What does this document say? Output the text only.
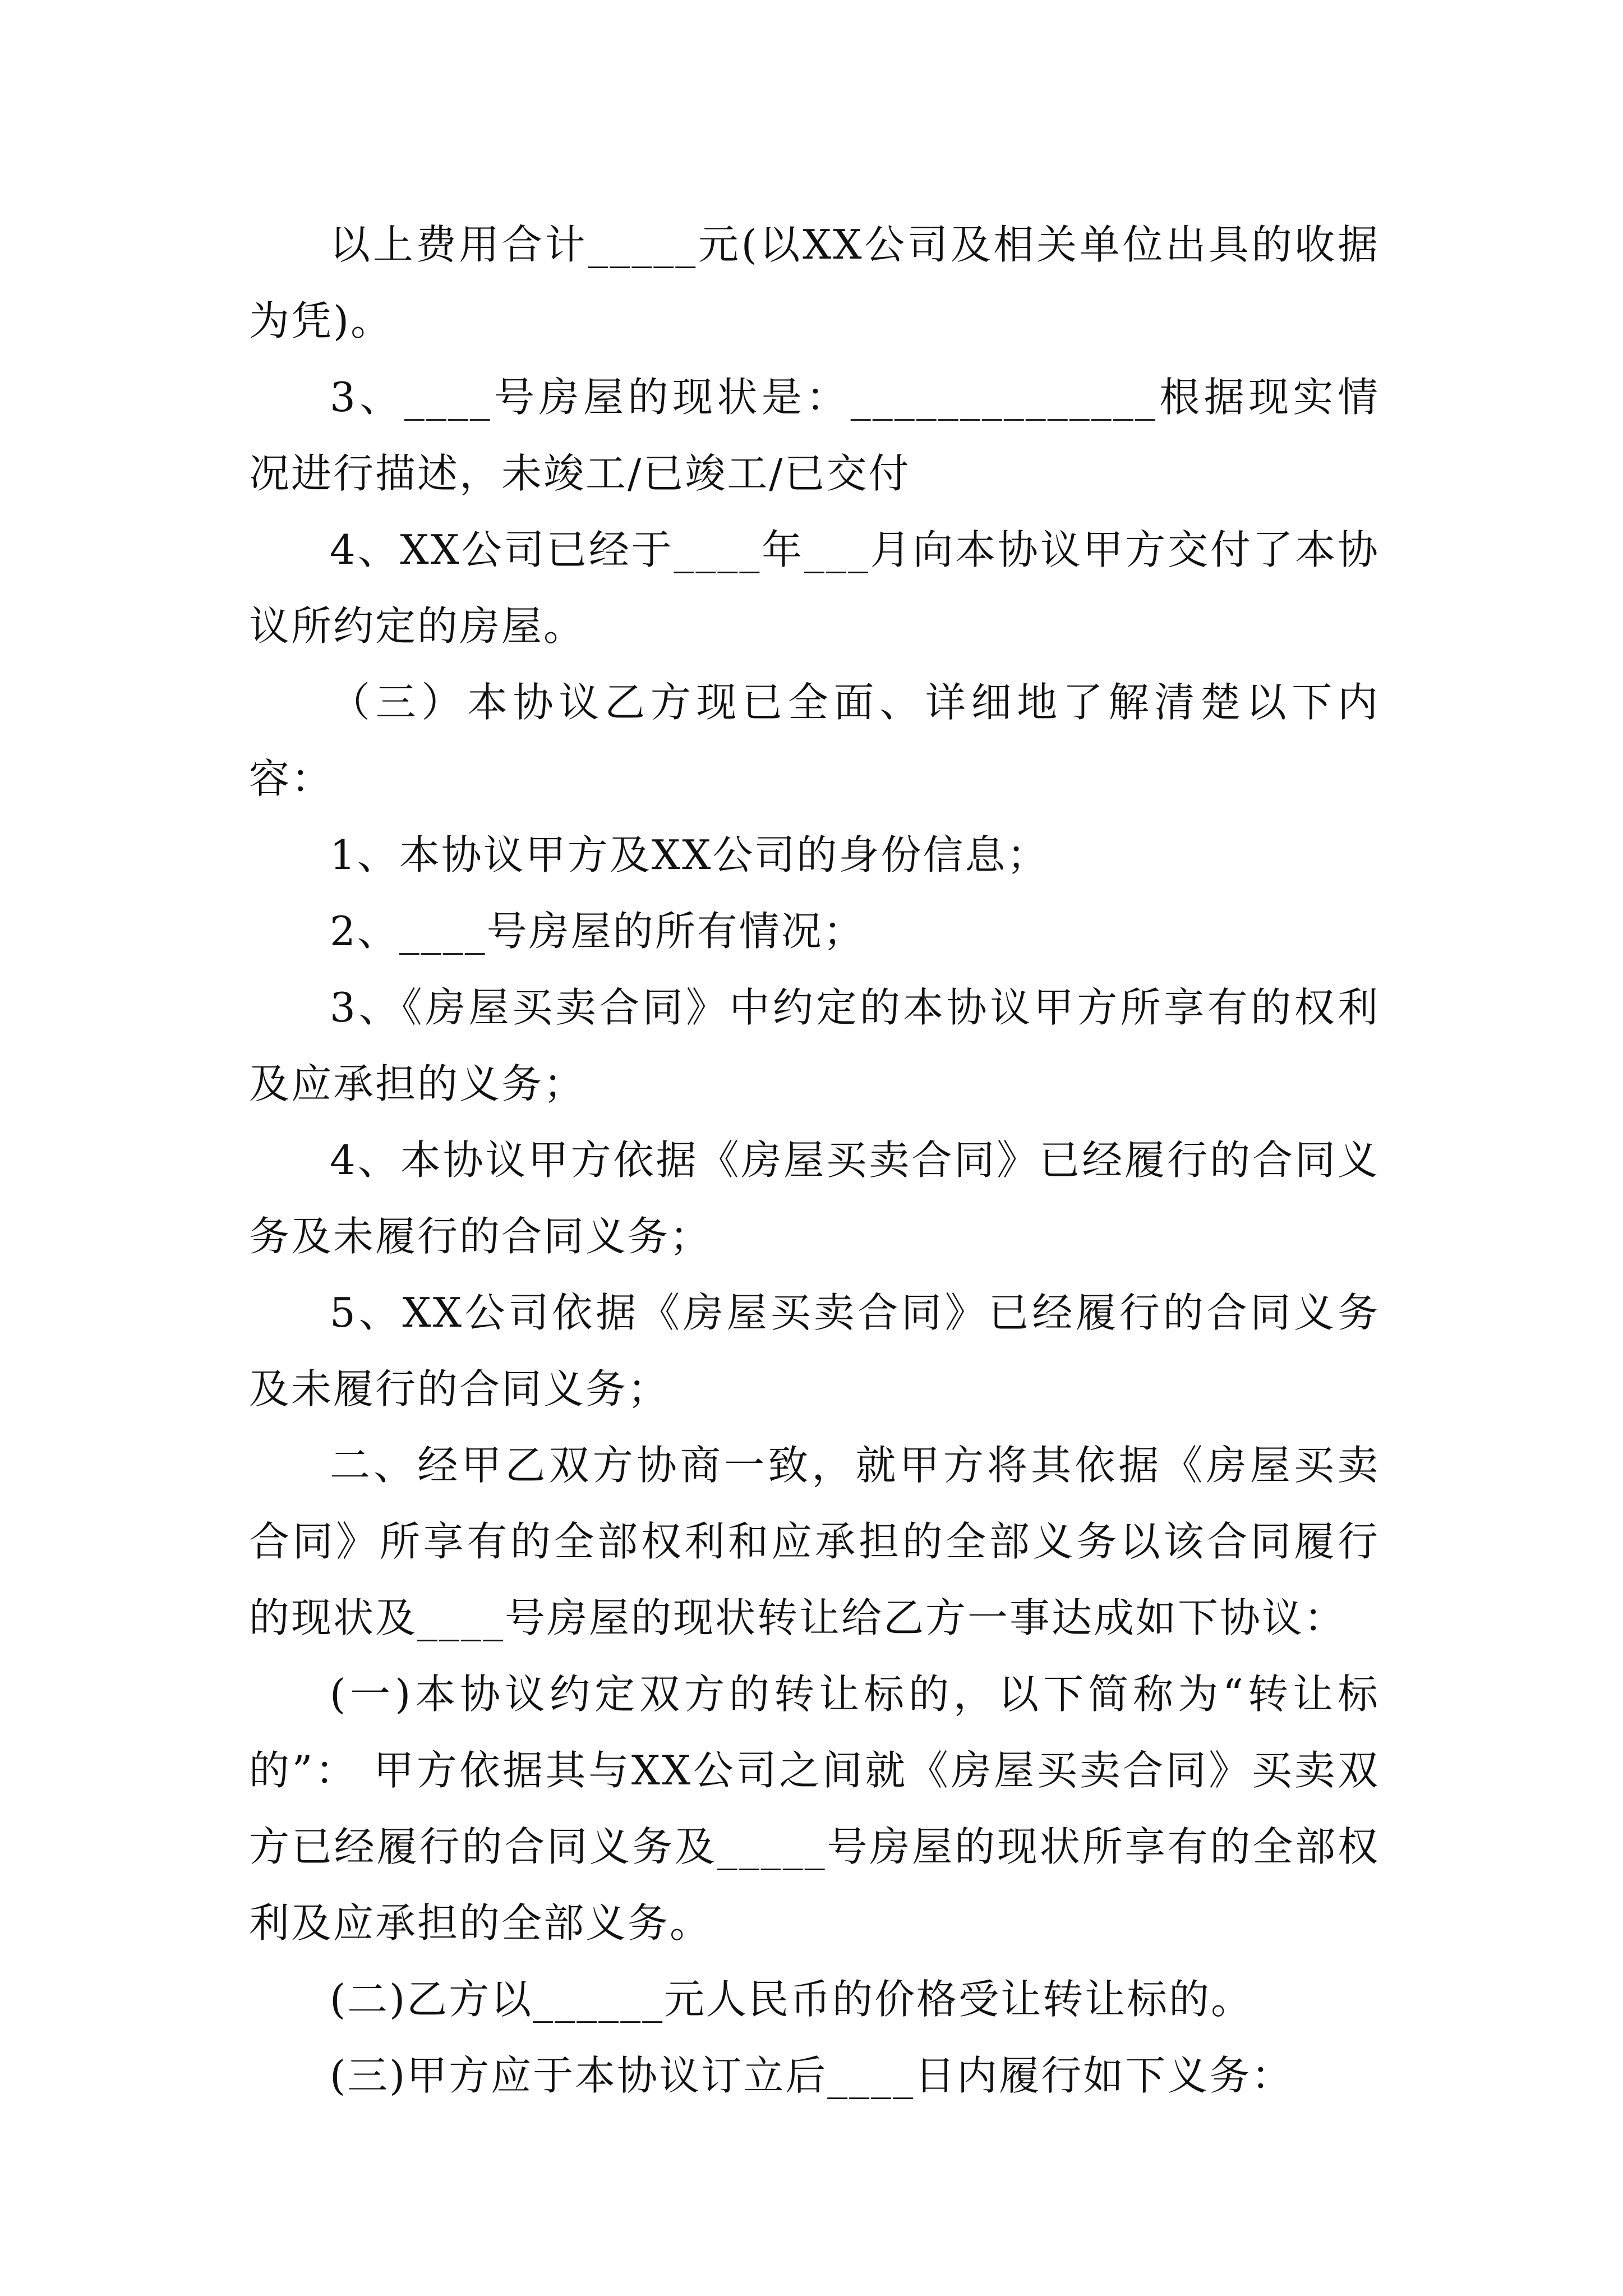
以上费用合计_____元(以XX公司及相关单位出具的收据为凭)。

3、____号房屋的现状是：______________根据现实情况进行描述，未竣工/已竣工/已交付

4、XX公司已经于____年___月向本协议甲方交付了本协议所约定的房屋。

（三）本协议乙方现已全面、详细地了解清楚以下内容：

1、本协议甲方及XX公司的身份信息；

2、____号房屋的所有情况；

3、《房屋买卖合同》中约定的本协议甲方所享有的权利及应承担的义务；

4、本协议甲方依据《房屋买卖合同》已经履行的合同义务及未履行的合同义务；

5、XX公司依据《房屋买卖合同》已经履行的合同义务及未履行的合同义务；

二、经甲乙双方协商一致，就甲方将其依据《房屋买卖合同》所享有的全部权利和应承担的全部义务以该合同履行的现状及____号房屋的现状转让给乙方一事达成如下协议：

(一)本协议约定双方的转让标的，以下简称为“转让标的”： 甲方依据其与XX公司之间就《房屋买卖合同》买卖双方已经履行的合同义务及_____号房屋的现状所享有的全部权利及应承担的全部义务。

(二)乙方以______元人民币的价格受让转让标的。

(三)甲方应于本协议订立后____日内履行如下义务：
